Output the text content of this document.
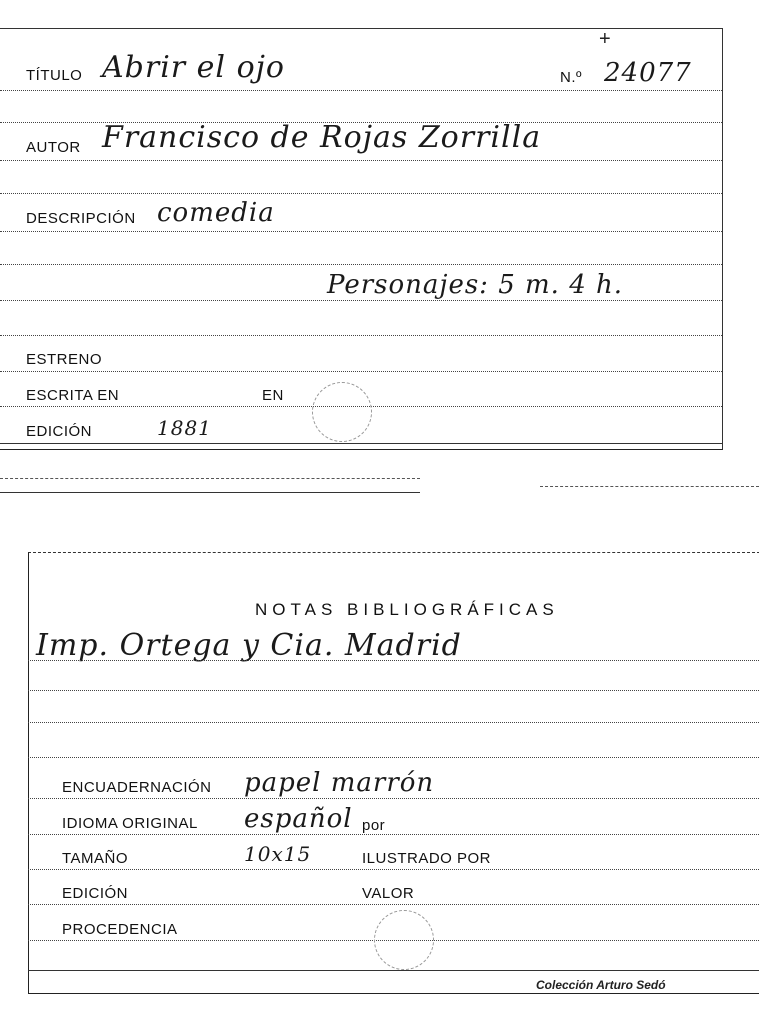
+
TÍTULO Abrir el ojo	N.º 24077
AUTOR Francisco de Rojas Zorrilla
DESCRIPCIÓN comedia
Personajes: 5 m. 4 h.
ESTRENO
ESCRITA EN	EN
EDICIÓN	1881
NOTAS BIBLIOGRÁFICAS
Imp. Ortega y Cia. Madrid
ENCUADERNACIÓN papel marrón
IDIOMA ORIGINAL español por
TAMAÑO	10x15	ILUSTRADO POR
EDICIÓN	VALOR
PROCEDENCIA
Colección Arturo Sedó
